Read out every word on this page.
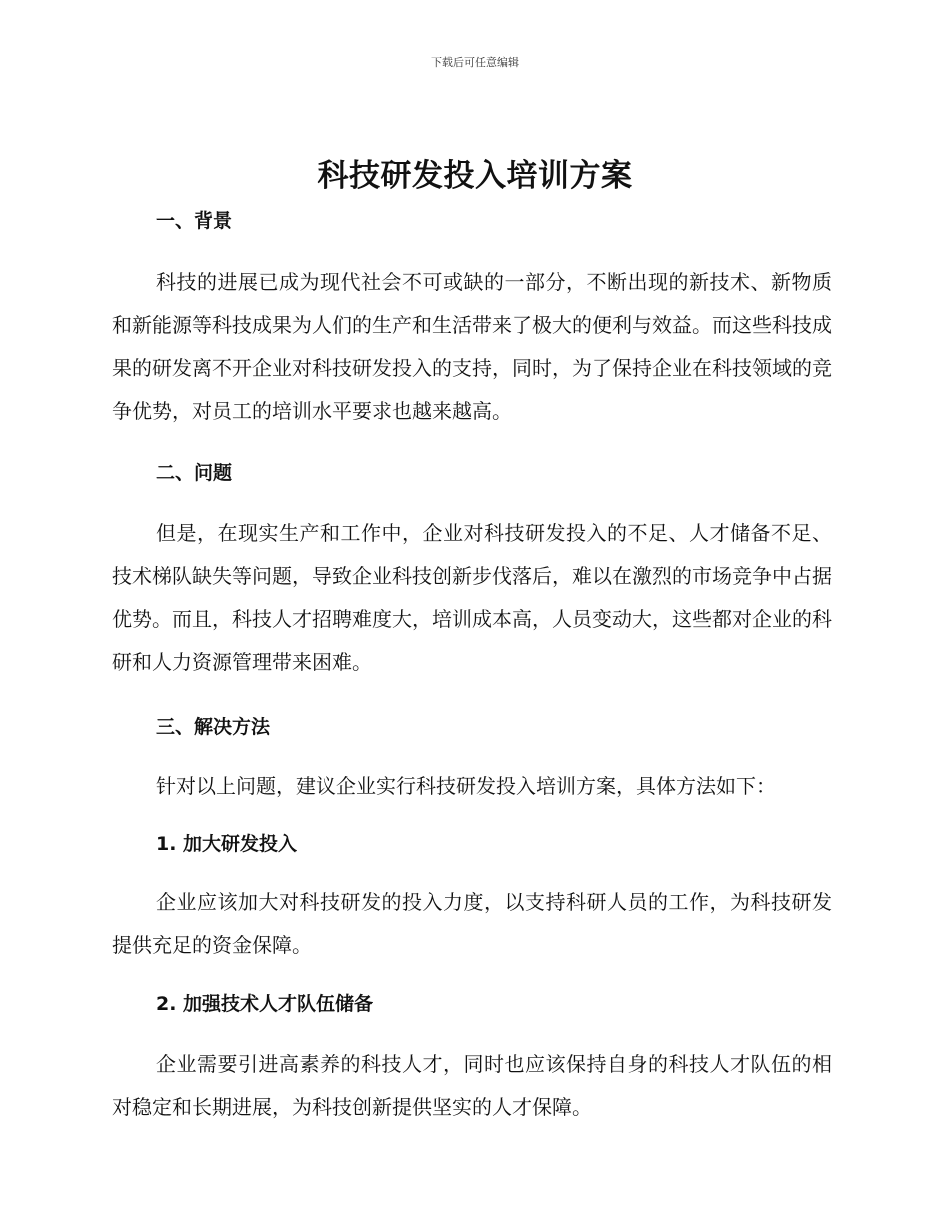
下载后可任意编辑
科技研发投入培训方案
一、背景

科技的进展已成为现代社会不可或缺的一部分，不断出现的新技术、新物质和新能源等科技成果为人们的生产和生活带来了极大的便利与效益。而这些科技成果的研发离不开企业对科技研发投入的支持，同时，为了保持企业在科技领域的竞争优势，对员工的培训水平要求也越来越高。

二、问题

但是，在现实生产和工作中，企业对科技研发投入的不足、人才储备不足、技术梯队缺失等问题，导致企业科技创新步伐落后，难以在激烈的市场竞争中占据优势。而且，科技人才招聘难度大，培训成本高，人员变动大，这些都对企业的科研和人力资源管理带来困难。

三、解决方法

针对以上问题，建议企业实行科技研发投入培训方案，具体方法如下：

1. 加大研发投入

企业应该加大对科技研发的投入力度，以支持科研人员的工作，为科技研发提供充足的资金保障。

2. 加强技术人才队伍储备

企业需要引进高素养的科技人才，同时也应该保持自身的科技人才队伍的相对稳定和长期进展，为科技创新提供坚实的人才保障。
